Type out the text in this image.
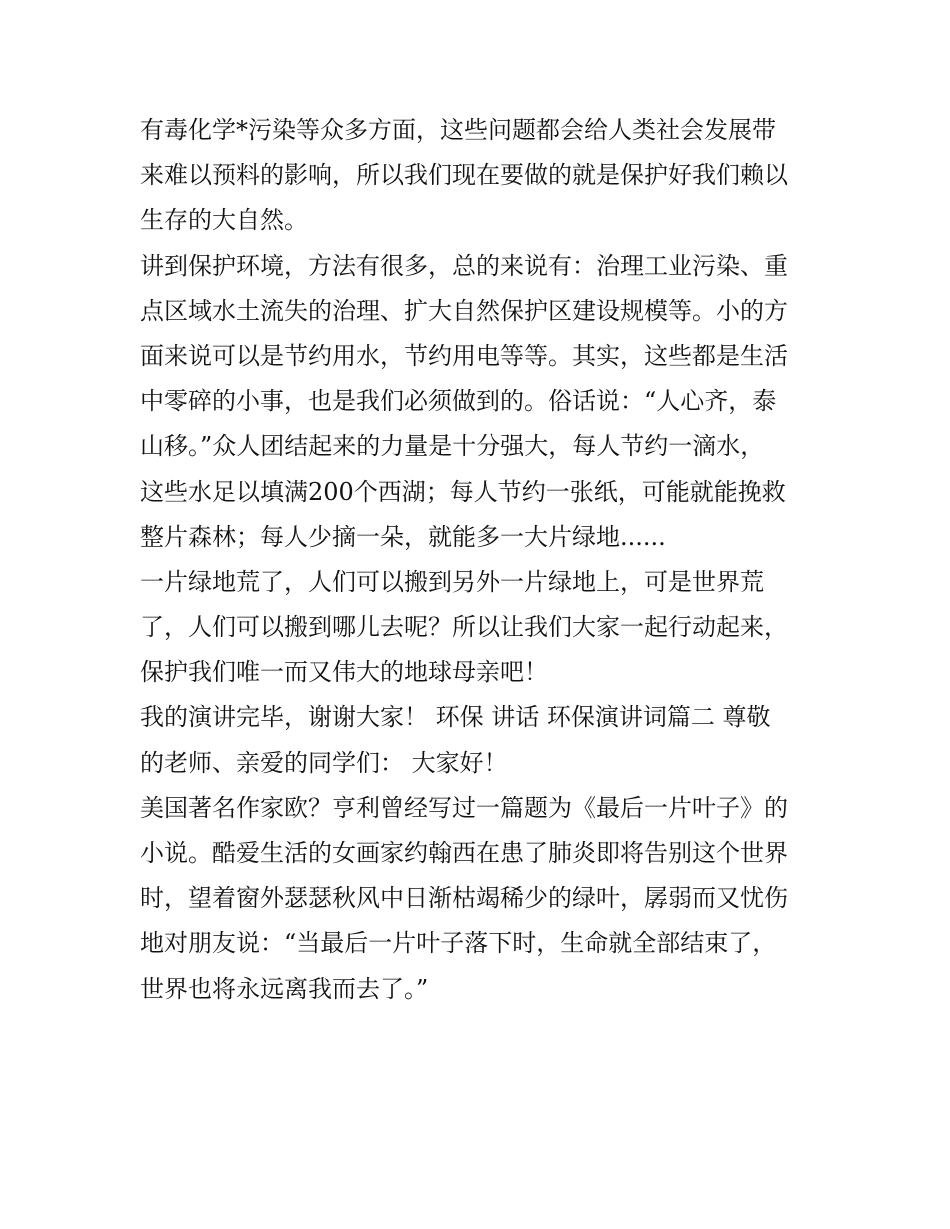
有毒化学*污染等众多方面，这些问题都会给人类社会发展带
来难以预料的影响，所以我们现在要做的就是保护好我们赖以
生存的大自然。
讲到保护环境，方法有很多，总的来说有：治理工业污染、重
点区域水土流失的治理、扩大自然保护区建设规模等。小的方
面来说可以是节约用水，节约用电等等。其实，这些都是生活
中零碎的小事，也是我们必须做到的。俗话说：“人心齐，泰
山移。”众人团结起来的力量是十分强大，每人节约一滴水，
这些水足以填满200个西湖；每人节约一张纸，可能就能挽救
整片森林；每人少摘一朵，就能多一大片绿地......
一片绿地荒了，人们可以搬到另外一片绿地上，可是世界荒
了，人们可以搬到哪儿去呢？所以让我们大家一起行动起来，
保护我们唯一而又伟大的地球母亲吧！
我的演讲完毕，谢谢大家！ 环保 讲话 环保演讲词篇二 尊敬
的老师、亲爱的同学们： 大家好！
美国著名作家欧？亨利曾经写过一篇题为《最后一片叶子》的
小说。酷爱生活的女画家约翰西在患了肺炎即将告别这个世界
时，望着窗外瑟瑟秋风中日渐枯竭稀少的绿叶，孱弱而又忧伤
地对朋友说：“当最后一片叶子落下时，生命就全部结束了，
世界也将永远离我而去了。”
